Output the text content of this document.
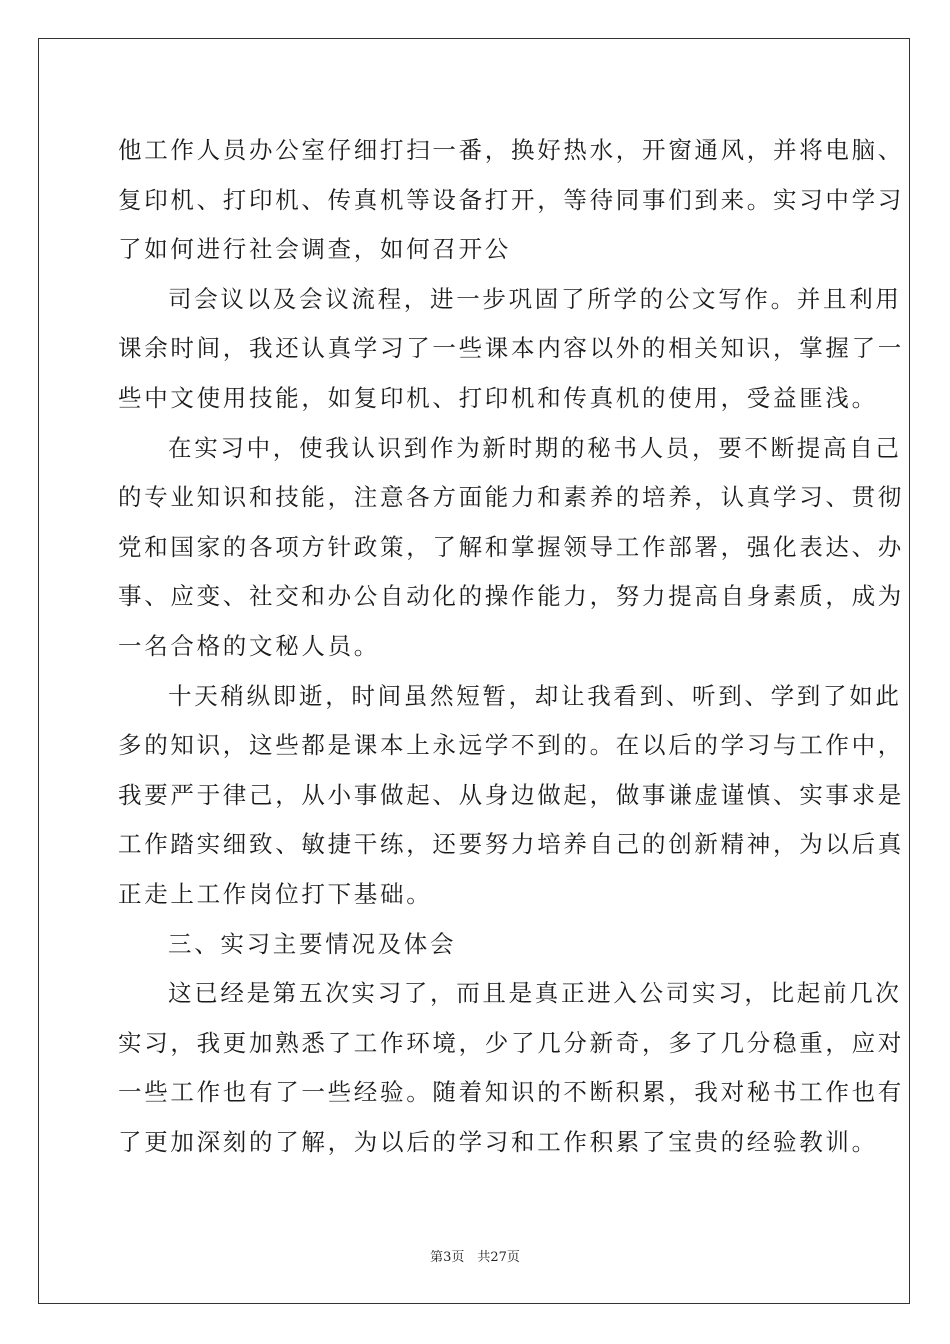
他工作人员办公室仔细打扫一番，换好热水，开窗通风，并将电脑、
复印机、打印机、传真机等设备打开，等待同事们到来。实习中学习
了如何进行社会调查，如何召开公
司会议以及会议流程，进一步巩固了所学的公文写作。并且利用
课余时间，我还认真学习了一些课本内容以外的相关知识，掌握了一
些中文使用技能，如复印机、打印机和传真机的使用，受益匪浅。
在实习中，使我认识到作为新时期的秘书人员，要不断提高自己
的专业知识和技能，注意各方面能力和素养的培养，认真学习、贯彻
党和国家的各项方针政策，了解和掌握领导工作部署，强化表达、办
事、应变、社交和办公自动化的操作能力，努力提高自身素质，成为
一名合格的文秘人员。
十天稍纵即逝，时间虽然短暂，却让我看到、听到、学到了如此
多的知识，这些都是课本上永远学不到的。在以后的学习与工作中，
我要严于律己，从小事做起、从身边做起，做事谦虚谨慎、实事求是
工作踏实细致、敏捷干练，还要努力培养自己的创新精神，为以后真
正走上工作岗位打下基础。
三、实习主要情况及体会
这已经是第五次实习了，而且是真正进入公司实习，比起前几次
实习，我更加熟悉了工作环境，少了几分新奇，多了几分稳重，应对
一些工作也有了一些经验。随着知识的不断积累，我对秘书工作也有
了更加深刻的了解，为以后的学习和工作积累了宝贵的经验教训。
第3页　共27页
